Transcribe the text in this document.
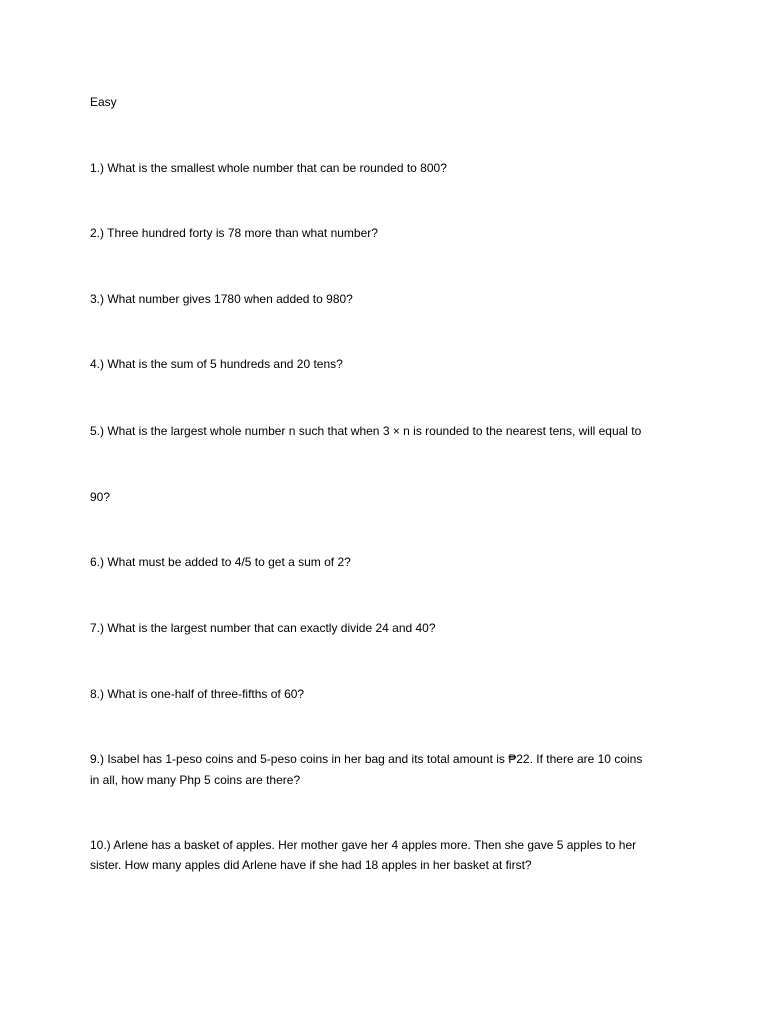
Easy
1.) What is the smallest whole number that can be rounded to 800?
2.) Three hundred forty is 78 more than what number?
3.) What number gives 1780 when added to 980?
4.) What is the sum of 5 hundreds and 20 tens?
5.) What is the largest whole number n such that when 3 × n is rounded to the nearest tens, will equal to
90?
6.) What must be added to 4/5 to get a sum of 2?
7.) What is the largest number that can exactly divide 24 and 40?
8.) What is one-half of three-fifths of 60?
9.) Isabel has 1-peso coins and 5-peso coins in her bag and its total amount is ₱22. If there are 10 coins
in all, how many Php 5 coins are there?
10.) Arlene has a basket of apples. Her mother gave her 4 apples more. Then she gave 5 apples to her
sister. How many apples did Arlene have if she had 18 apples in her basket at first?
